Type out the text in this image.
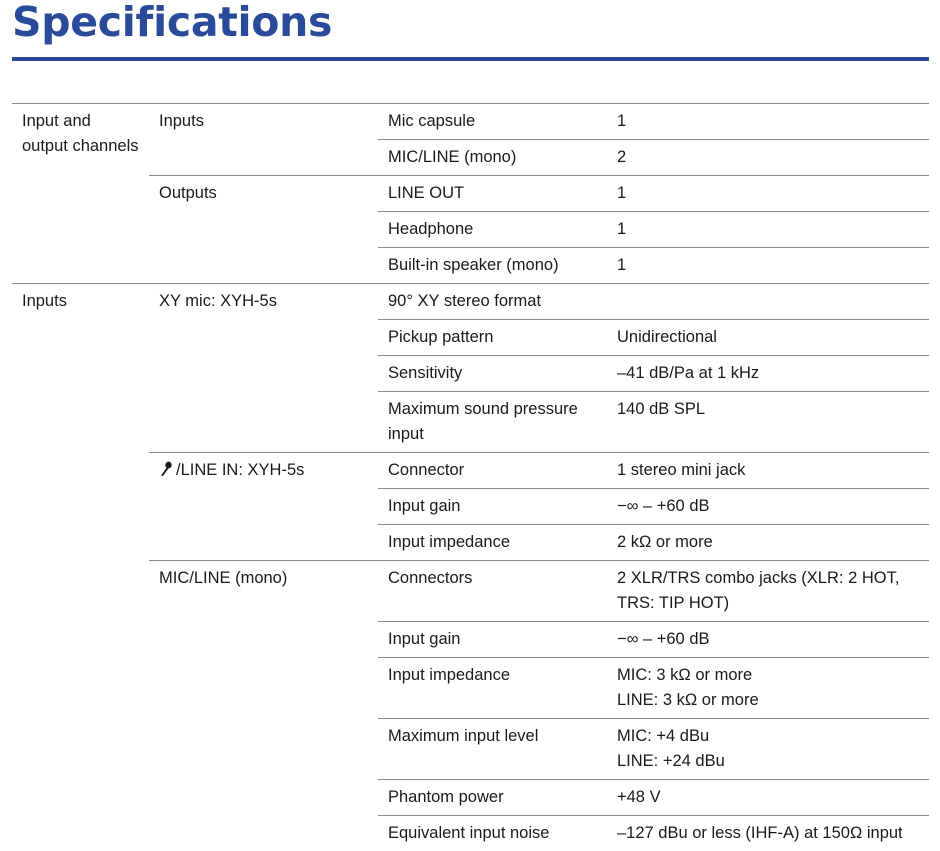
Specifications
Input and output channels	Inputs	Mic capsule	1
		MIC/LINE (mono)	2
	Outputs	LINE OUT	1
		Headphone	1
		Built-in speaker (mono)	1
Inputs	XY mic: XYH-5s	90° XY stereo format	
		Pickup pattern	Unidirectional
		Sensitivity	–41 dB/Pa at 1 kHz
		Maximum sound pressure input	140 dB SPL
	/LINE IN: XYH-5s	Connector	1 stereo mini jack
		Input gain	−∞ – +60 dB
		Input impedance	2 kΩ or more
	MIC/LINE (mono)	Connectors	2 XLR/TRS combo jacks (XLR: 2 HOT, TRS: TIP HOT)
		Input gain	−∞ – +60 dB
		Input impedance	MIC: 3 kΩ or more
LINE: 3 kΩ or more

		Maximum input level	MIC: +4 dBu
LINE: +24 dBu

		Phantom power	+48 V
		Equivalent input noise	–127 dBu or less (IHF-A) at 150Ω input
